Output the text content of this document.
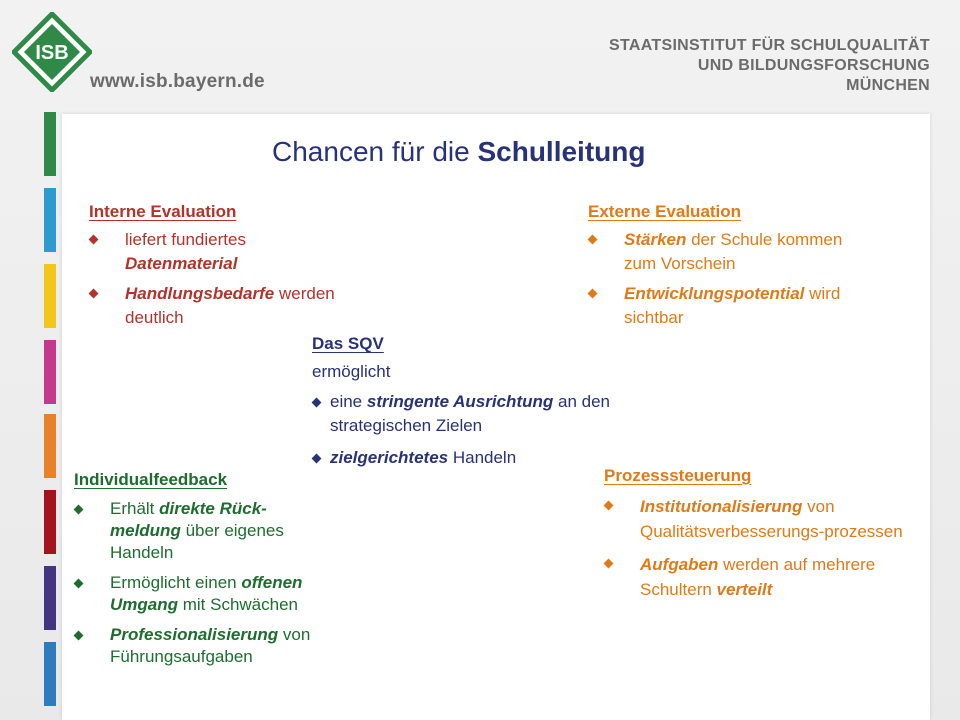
ISB
www.isb.bayern.de
STAATSINSTITUT FÜR SCHULQUALITÄT
UND BILDUNGSFORSCHUNG
MÜNCHEN
Chancen für die Schulleitung
Interne Evaluation
liefert fundiertes Datenmaterial
Handlungsbedarfe werden deutlich
Externe Evaluation
Stärken der Schule kommen zum Vorschein
Entwicklungspotential wird sichtbar
Das SQV
ermöglicht
eine stringente Ausrichtung an den strategischen Zielen
zielgerichtetes Handeln
Individualfeedback
Erhält direkte Rück-meldung über eigenes Handeln
Ermöglicht einen offenen Umgang mit Schwächen
Professionalisierung von Führungsaufgaben
Prozesssteuerung
Institutionalisierung von Qualitätsverbesserungs-prozessen
Aufgaben werden auf mehrere Schultern verteilt
